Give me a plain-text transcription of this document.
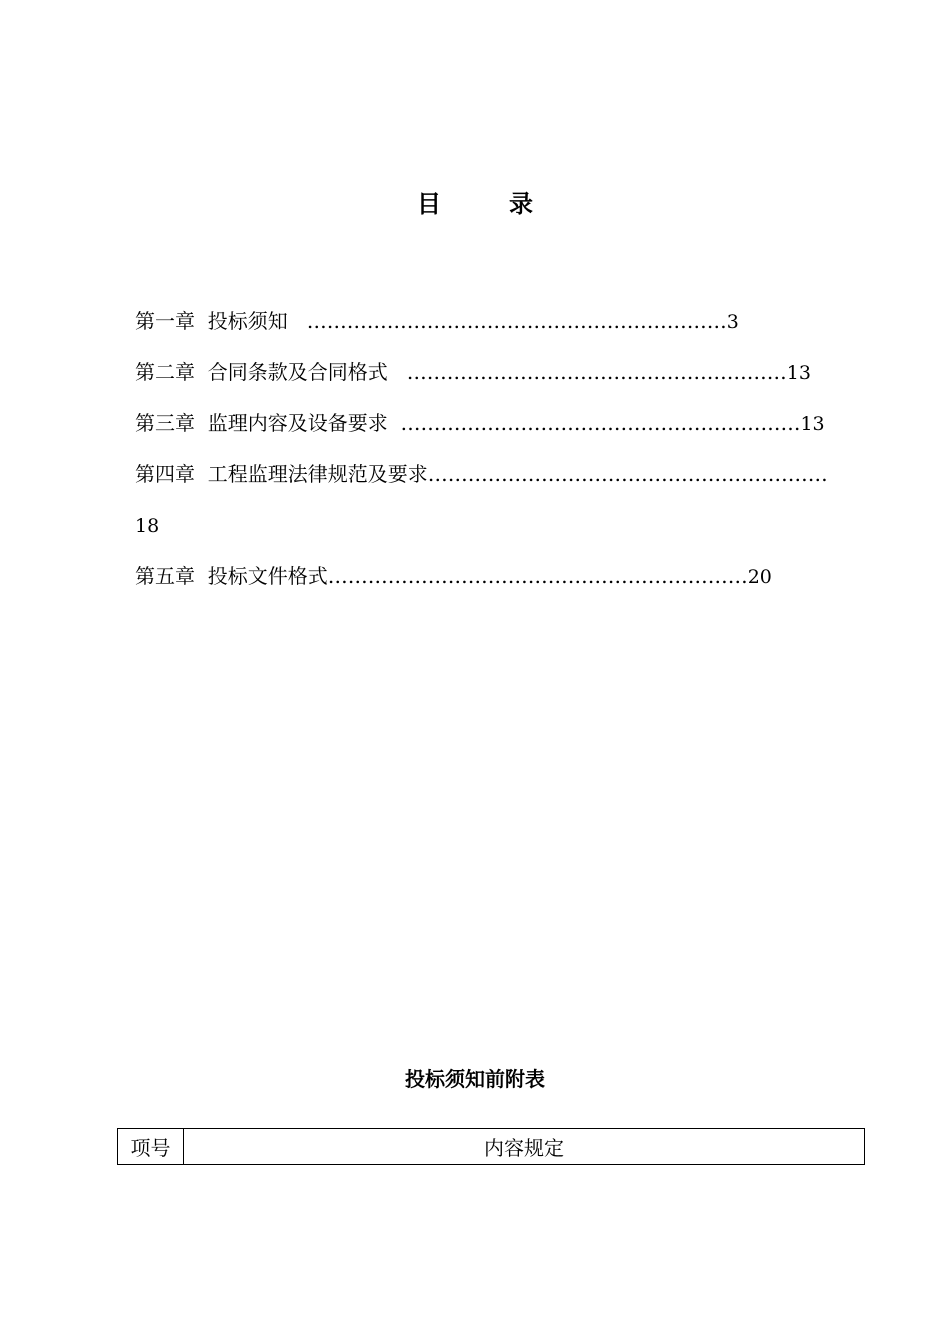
目	录
第一章 投标须知 ………………………………………………………3
第二章 合同条款及合同格式 …………………………………………………13
第三章 监理内容及设备要求 ……………………………………………………13
第四章 工程监理法律规范及要求……………………………………………………
18
第五章 投标文件格式………………………………………………………20
投标须知前附表
项号	内容规定
